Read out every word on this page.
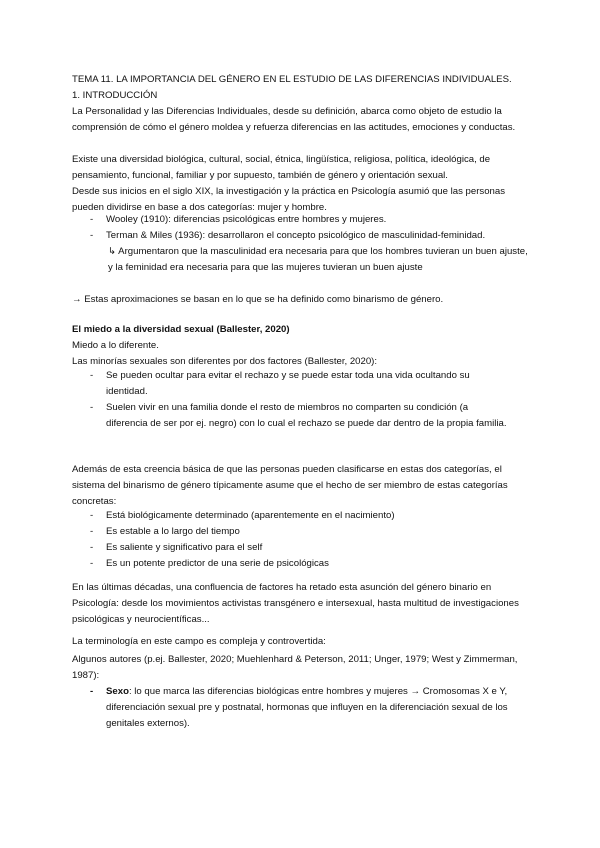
TEMA 11. LA IMPORTANCIA DEL GÉNERO EN EL ESTUDIO DE LAS DIFERENCIAS INDIVIDUALES.

1. INTRODUCCIÓN

La Personalidad y las Diferencias Individuales, desde su definición, abarca como objeto de estudio la comprensión de cómo el género moldea y refuerza diferencias en las actitudes, emociones y conductas.

Existe una diversidad biológica, cultural, social, étnica, lingüística, religiosa, política, ideológica, de pensamiento, funcional, familiar y por supuesto, también de género y orientación sexual.

Desde sus inicios en el siglo XIX, la investigación y la práctica en Psicología asumió que las personas pueden dividirse en base a dos categorías: mujer y hombre.

- Wooley (1910): diferencias psicológicas entre hombres y mujeres.
- Terman & Miles (1936): desarrollaron el concepto psicológico de masculinidad-feminidad.

↳ Argumentaron que la masculinidad era necesaria para que los hombres tuvieran un buen ajuste, y la feminidad era necesaria para que las mujeres tuvieran un buen ajuste

→ Estas aproximaciones se basan en lo que se ha definido como binarismo de género.

El miedo a la diversidad sexual (Ballester, 2020)

Miedo a lo diferente.

Las minorías sexuales son diferentes por dos factores (Ballester, 2020):

- Se pueden ocultar para evitar el rechazo y se puede estar toda una vida ocultando su identidad.
- Suelen vivir en una familia donde el resto de miembros no comparten su condición (a diferencia de ser por ej. negro) con lo cual el rechazo se puede dar dentro de la propia familia.

Además de esta creencia básica de que las personas pueden clasificarse en estas dos categorías, el sistema del binarismo de género típicamente asume que el hecho de ser miembro de estas categorías concretas:

- Está biológicamente determinado (aparentemente en el nacimiento)
- Es estable a lo largo del tiempo
- Es saliente y significativo para el self
- Es un potente predictor de una serie de psicológicas

En las últimas décadas, una confluencia de factores ha retado esta asunción del género binario en Psicología: desde los movimientos activistas transgénero e intersexual, hasta multitud de investigaciones psicológicas y neurocientíficas...

La terminología en este campo es compleja y controvertida:

Algunos autores (p.ej. Ballester, 2020; Muehlenhard & Peterson, 2011; Unger, 1979; West y Zimmerman, 1987):

- Sexo: lo que marca las diferencias biológicas entre hombres y mujeres → Cromosomas X e Y, diferenciación sexual pre y postnatal, hormonas que influyen en la diferenciación sexual de los genitales externos).
